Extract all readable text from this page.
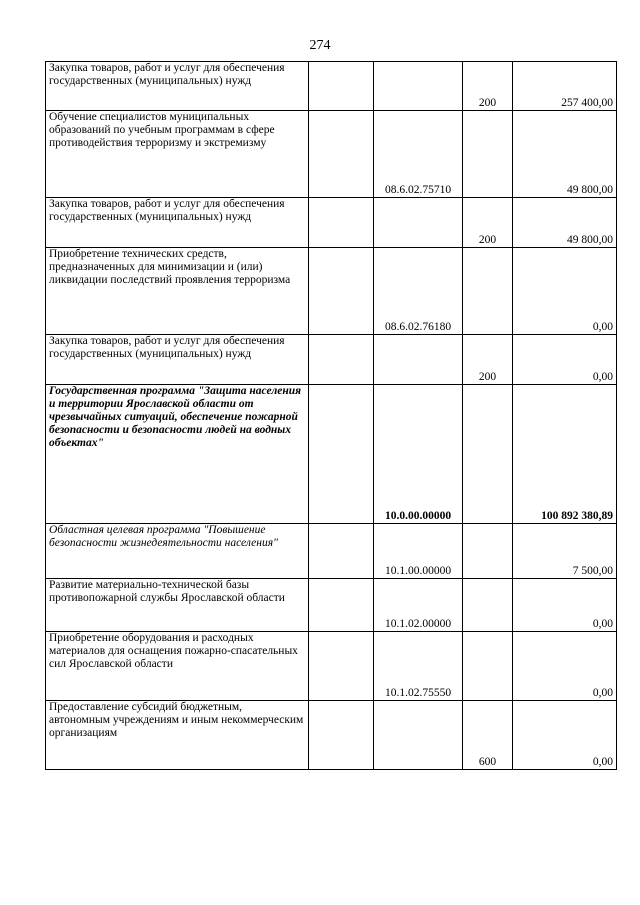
274
Закупка товаров, работ и услуг для обеспечения государственных (муниципальных) нужд			200	257 400,00
Обучение специалистов муниципальных образований по учебным программам в сфере противодействия терроризму и экстремизму		08.6.02.75710		49 800,00
Закупка товаров, работ и услуг для обеспечения государственных (муниципальных) нужд			200	49 800,00
Приобретение технических средств, предназначенных для минимизации и (или) ликвидации последствий проявления терроризма		08.6.02.76180		0,00
Закупка товаров, работ и услуг для обеспечения государственных (муниципальных) нужд			200	0,00
Государственная программа "Защита населения и территории Ярославской области от чрезвычайных ситуаций, обеспечение пожарной безопасности и безопасности людей на водных объектах"		10.0.00.00000		100 892 380,89
Областная целевая программа "Повышение безопасности жизнедеятельности населения"		10.1.00.00000		7 500,00
Развитие материально-технической базы противопожарной службы Ярославской области		10.1.02.00000		0,00
Приобретение оборудования и расходных материалов для оснащения пожарно-спасательных сил Ярославской области		10.1.02.75550		0,00
Предоставление субсидий бюджетным, автономным учреждениям и иным некоммерческим организациям			600	0,00
